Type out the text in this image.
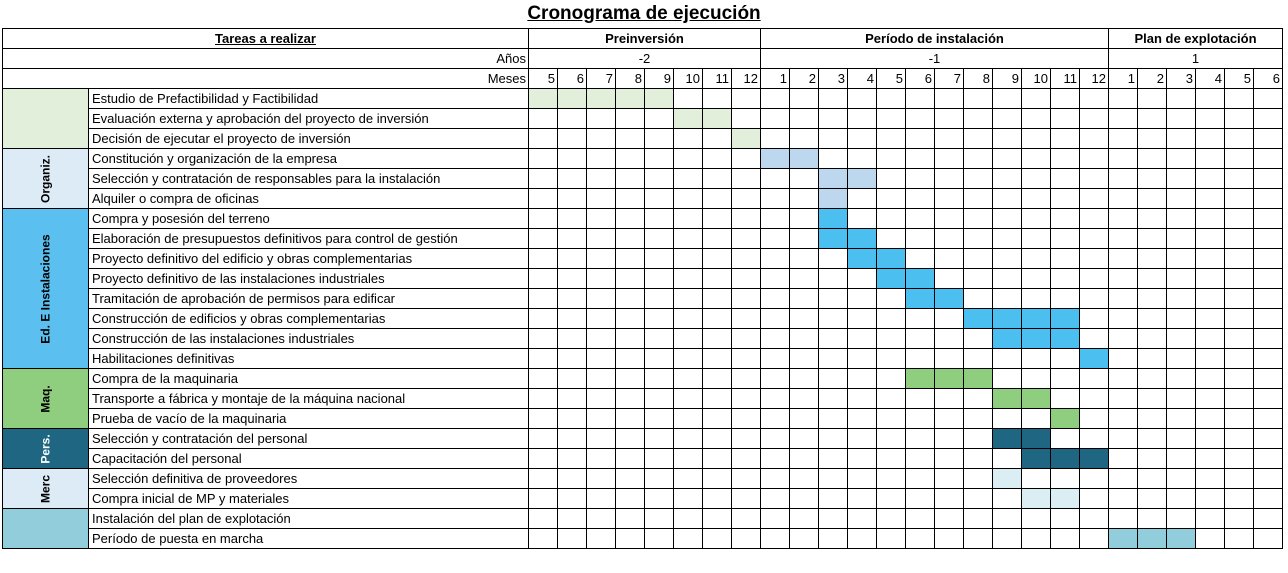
Cronograma de ejecución
Tareas a realizar		Preinversión								Período de instalación												Plan de explotación					
Años		-2								-1												1					
Meses		5	6	7	8	9	10	11	12	1	2	3	4	5	6	7	8	9	10	11	12	1	2	3	4	5	6
	Estudio de Prefactibilidad y Factibilidad																										
	Evaluación externa y aprobación del proyecto de inversión																										
	Decisión de ejecutar el proyecto de inversión																										

Organiz.	Constitución y organización de la empresa																										
	Selección y contratación de responsables para la instalación																										
	Alquiler o compra de oficinas																										

Ed. E Instalaciones	Compra y posesión del terreno																										
	Elaboración de presupuestos definitivos para control de gestión																										
	Proyecto definitivo del edificio y obras complementarias																										
	Proyecto definitivo de las instalaciones industriales																										
	Tramitación de aprobación de permisos para edificar																										
	Construcción de edificios y obras complementarias																										
	Construcción de las instalaciones industriales																										
	Habilitaciones definitivas																										

Maq.	Compra de la maquinaria																										
	Transporte a fábrica y montaje de la máquina nacional																										
	Prueba de vacío de la maquinaria																										

Pers.	Selección y contratación del personal																										
	Capacitación del personal																										

Merc	Selección definitiva de proveedores																										
	Compra inicial de MP y materiales																										
	Instalación del plan de explotación																										
	Período de puesta en marcha																										
